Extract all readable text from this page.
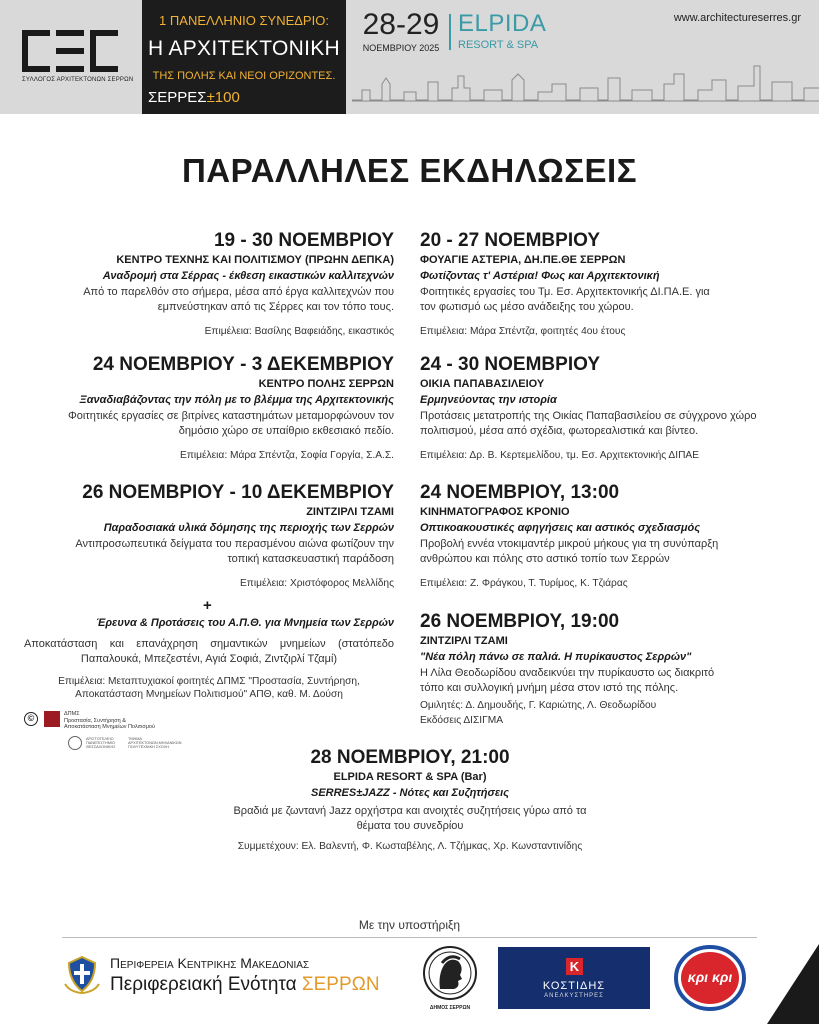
ΣΥΛΛΟΓΟΣ ΑΡΧΙΤΕΚΤΟΝΩΝ ΣΕΡΡΩΝ
1 ΠΑΝΕΛΛΗΝΙΟ ΣΥΝΕΔΡΙΟ:
Η ΑΡΧΙΤΕΚΤΟΝΙΚΗ
ΤΗΣ ΠΟΛΗΣ ΚΑΙ ΝΕΟΙ ΟΡΙΖΟΝΤΕΣ.
ΣΕΡΡΕΣ±100
28-29
ΝΟΕΜΒΡΙΟΥ 2025
ELPIDA
RESORT & SPA
www.architectureserres.gr
ΠΑΡΑΛΛΗΛΕΣ ΕΚΔΗΛΩΣΕΙΣ
19 - 30 ΝΟΕΜΒΡΙΟΥ
ΚΕΝΤΡΟ ΤΕΧΝΗΣ ΚΑΙ ΠΟΛΙΤΙΣΜΟΥ (ΠΡΩΗΝ ΔΕΠΚΑ)
Αναδρομή στα Σέρρας - έκθεση εικαστικών καλλιτεχνών
Από το παρελθόν στο σήμερα, μέσα από έργα καλλιτεχνών που
εμπνεύστηκαν από τις Σέρρες και τον τόπο τους.
Επιμέλεια: Βασίλης Βαφειάδης, εικαστικός
24 ΝΟΕΜΒΡΙΟΥ - 3 ΔΕΚΕΜΒΡΙΟΥ
ΚΕΝΤΡΟ ΠΟΛΗΣ ΣΕΡΡΩΝ
Ξαναδιαβάζοντας την πόλη με το βλέμμα της Αρχιτεκτονικής
Φοιτητικές εργασίες σε βιτρίνες καταστημάτων μεταμορφώνουν τον
δημόσιο χώρο σε υπαίθριο εκθεσιακό πεδίο.
Επιμέλεια: Μάρα Σπέντζα, Σοφία Γοργία, Σ.Α.Σ.
26 ΝΟΕΜΒΡΙΟΥ - 10 ΔΕΚΕΜΒΡΙΟΥ
ΖΙΝΤΖΙΡΛΙ ΤΖΑΜΙ
Παραδοσιακά υλικά δόμησης της περιοχής των Σερρών
Αντιπροσωπευτικά δείγματα του περασμένου αιώνα φωτίζουν την
τοπική κατασκευαστική παράδοση
Επιμέλεια: Χριστόφορος Μελλίδης
+
Έρευνα & Προτάσεις του Α.Π.Θ. για Μνημεία των Σερρών
Αποκατάσταση και επανάχρηση σημαντικών μνημείων (στατόπεδο
Παπαλουκά, Μπεζεστένι, Αγιά Σοφιά, Ζιντζιρλί Τζαμί)
Επιμέλεια: Μεταπτυχιακοί φοιτητές ΔΠΜΣ "Προστασία, Συντήρηση,
Αποκατάσταση Μνημείων Πολιτισμού" ΑΠΘ, καθ. Μ. Δούση
©	ΔΠΜΣ
Προστασία, Συντήρηση &
Αποκατάσταση Μνημείων Πολιτισμού
ΑΡΙΣΤΟΤΕΛΕΙΟ
ΠΑΝΕΠΙΣΤΗΜΙΟ
ΘΕΣΣΑΛΟΝΙΚΗΣ
ΤΜΗΜΑ
ΑΡΧΙΤΕΚΤΟΝΩΝ ΜΗΧΑΝΙΚΩΝ
ΠΟΛΥΤΕΧΝΙΚΗ ΣΧΟΛΗ
20 - 27 ΝΟΕΜΒΡΙΟΥ
ΦΟΥΑΓΙΕ ΑΣΤΕΡΙΑ, ΔΗ.ΠΕ.ΘΕ ΣΕΡΡΩΝ
Φωτίζοντας τ' Αστέρια! Φως και Αρχιτεκτονική
Φοιτητικές εργασίες του Τμ. Εσ. Αρχιτεκτονικής ΔΙ.ΠΑ.Ε. για
τον φωτισμό ως μέσο ανάδειξης του χώρου.
Επιμέλεια: Μάρα Σπέντζα, φοιτητές 4ου έτους
24 - 30 ΝΟΕΜΒΡΙΟΥ
ΟΙΚΙΑ ΠΑΠΑΒΑΣΙΛΕΙΟΥ
Ερμηνεύοντας την ιστορία
Προτάσεις μετατροπής της Οικίας Παπαβασιλείου σε σύγχρονο χώρο
πολιτισμού, μέσα από σχέδια, φωτορεαλιστικά και βίντεο.
Επιμέλεια: Δρ. Β. Κερτεμελίδου, τμ. Εσ. Αρχιτεκτονικής ΔΙΠΑΕ
24 ΝΟΕΜΒΡΙΟΥ, 13:00
ΚΙΝΗΜΑΤΟΓΡΑΦΟΣ ΚΡΟΝΙΟ
Οπτικοακουστικές αφηγήσεις και αστικός σχεδιασμός
Προβολή εννέα ντοκιμαντέρ μικρού μήκους για τη συνύπαρξη
ανθρώπου και πόλης στο αστικό τοπίο των Σερρών
Επιμέλεια: Ζ. Φράγκου, Τ. Τυρίμος, Κ. Τζιάρας
26 ΝΟΕΜΒΡΙΟΥ, 19:00
ΖΙΝΤΖΙΡΛΙ ΤΖΑΜΙ
"Νέα πόλη πάνω σε παλιά. Η πυρίκαυστος Σερρών"
Η Λίλα Θεοδωρίδου αναδεικνύει την πυρίκαυστο ως διακριτό
τόπο και συλλογική μνήμη μέσα στον ιστό της πόλης.
Ομιλητές: Δ. Δημουδής, Γ. Καριώτης, Λ. Θεοδωρίδου
Εκδόσεις ΔΙΣΙΓΜΑ
28 ΝΟΕΜΒΡΙΟΥ, 21:00
ELPIDA RESORT & SPA (Bar)
SERRES±JAZZ - Νότες και Συζητήσεις
Βραδιά με ζωντανή Jazz ορχήστρα και ανοιχτές συζητήσεις γύρω από τα
θέματα του συνεδρίου
Συμμετέχουν: Ελ. Βαλεντή, Φ. Κωσταβέλης, Λ. Τζήμκας, Χρ. Κωνσταντινίδης
Με την υποστήριξη
Περιφερεια Κεντρικης Μακεδονιας
Περιφερειακή Ενότητα ΣΕΡΡΩΝ
ΔΗΜΟΣ ΣΕΡΡΩΝ
K
ΚΟΣΤΙΔΗΣ
ΑΝΕΛΚΥΣΤΗΡΕΣ
κρι κρι
